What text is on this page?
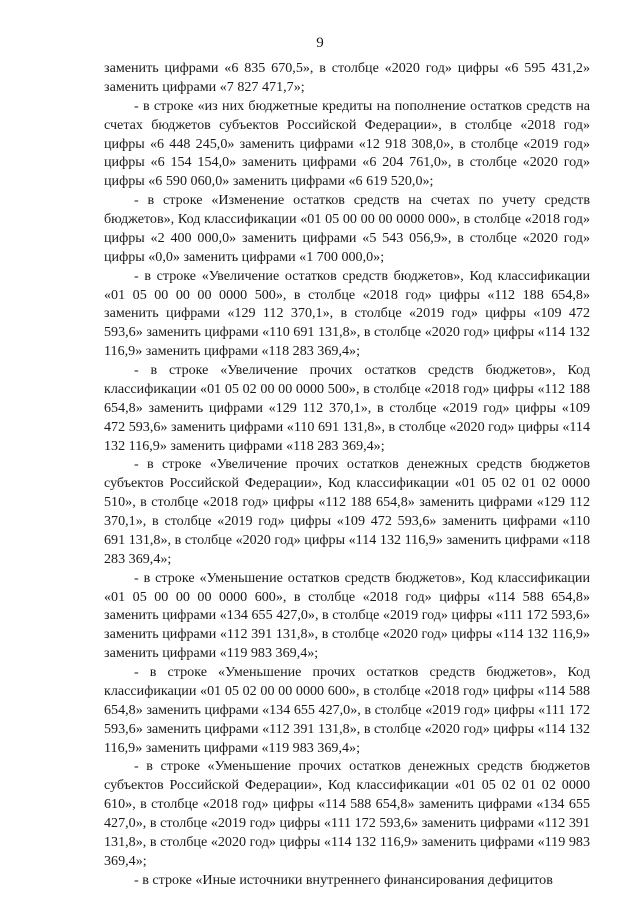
9

заменить цифрами «6 835 670,5», в столбце «2020 год» цифры «6 595 431,2» заменить цифрами «7 827 471,7»;

- в строке «из них бюджетные кредиты на пополнение остатков средств на счетах бюджетов субъектов Российской Федерации», в столбце «2018 год» цифры «6 448 245,0» заменить цифрами «12 918 308,0», в столбце «2019 год» цифры «6 154 154,0» заменить цифрами «6 204 761,0», в столбце «2020 год» цифры «6 590 060,0» заменить цифрами «6 619 520,0»;

- в строке «Изменение остатков средств на счетах по учету средств бюджетов», Код классификации «01 05 00 00 00 0000 000», в столбце «2018 год» цифры «2 400 000,0» заменить цифрами «5 543 056,9», в столбце «2020 год» цифры «0,0» заменить цифрами «1 700 000,0»;

- в строке «Увеличение остатков средств бюджетов», Код классификации «01 05 00 00 00 0000 500», в столбце «2018 год» цифры «112 188 654,8» заменить цифрами «129 112 370,1», в столбце «2019 год» цифры «109 472 593,6» заменить цифрами «110 691 131,8», в столбце «2020 год» цифры «114 132 116,9» заменить цифрами «118 283 369,4»;

- в строке «Увеличение прочих остатков средств бюджетов», Код классификации «01 05 02 00 00 0000 500», в столбце «2018 год» цифры «112 188 654,8» заменить цифрами «129 112 370,1», в столбце «2019 год» цифры «109 472 593,6» заменить цифрами «110 691 131,8», в столбце «2020 год» цифры «114 132 116,9» заменить цифрами «118 283 369,4»;

- в строке «Увеличение прочих остатков денежных средств бюджетов субъектов Российской Федерации», Код классификации «01 05 02 01 02 0000 510», в столбце «2018 год» цифры «112 188 654,8» заменить цифрами «129 112 370,1», в столбце «2019 год» цифры «109 472 593,6» заменить цифрами «110 691 131,8», в столбце «2020 год» цифры «114 132 116,9» заменить цифрами «118 283 369,4»;

- в строке «Уменьшение остатков средств бюджетов», Код классификации «01 05 00 00 00 0000 600», в столбце «2018 год» цифры «114 588 654,8» заменить цифрами «134 655 427,0», в столбце «2019 год» цифры «111 172 593,6» заменить цифрами «112 391 131,8», в столбце «2020 год» цифры «114 132 116,9» заменить цифрами «119 983 369,4»;

- в строке «Уменьшение прочих остатков средств бюджетов», Код классификации «01 05 02 00 00 0000 600», в столбце «2018 год» цифры «114 588 654,8» заменить цифрами «134 655 427,0», в столбце «2019 год» цифры «111 172 593,6» заменить цифрами «112 391 131,8», в столбце «2020 год» цифры «114 132 116,9» заменить цифрами «119 983 369,4»;

- в строке «Уменьшение прочих остатков денежных средств бюджетов субъектов Российской Федерации», Код классификации «01 05 02 01 02 0000 610», в столбце «2018 год» цифры «114 588 654,8» заменить цифрами «134 655 427,0», в столбце «2019 год» цифры «111 172 593,6» заменить цифрами «112 391 131,8», в столбце «2020 год» цифры «114 132 116,9» заменить цифрами «119 983 369,4»;

- в строке «Иные источники внутреннего финансирования дефицитов
